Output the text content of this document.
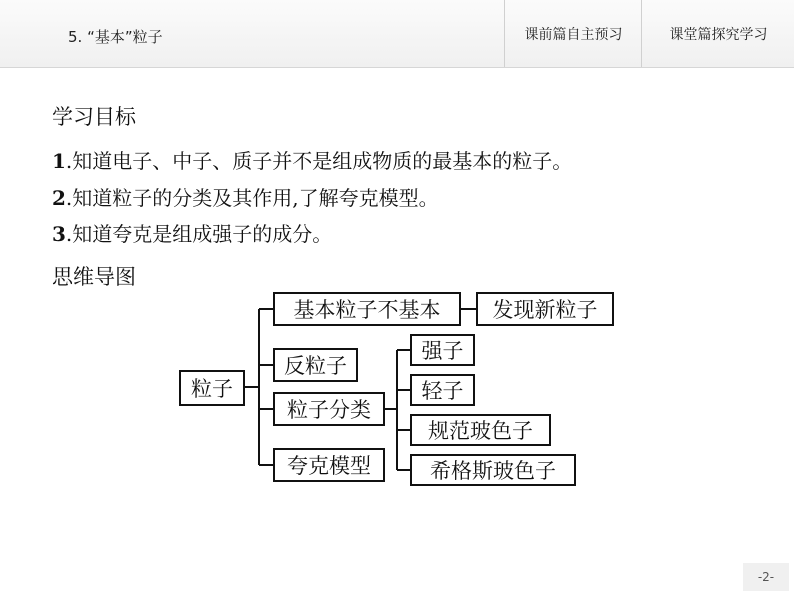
5. “基本”粒子	课前篇自主预习	课堂篇探究学习
学习目标
1.知道电子、中子、质子并不是组成物质的最基本的粒子。
2.知道粒子的分类及其作用,了解夸克模型。
3.知道夸克是组成强子的成分。
思维导图
粒子
基本粒子不基本
反粒子
粒子分类
夸克模型
发现新粒子
强子
轻子
规范玻色子
希格斯玻色子
-2-
